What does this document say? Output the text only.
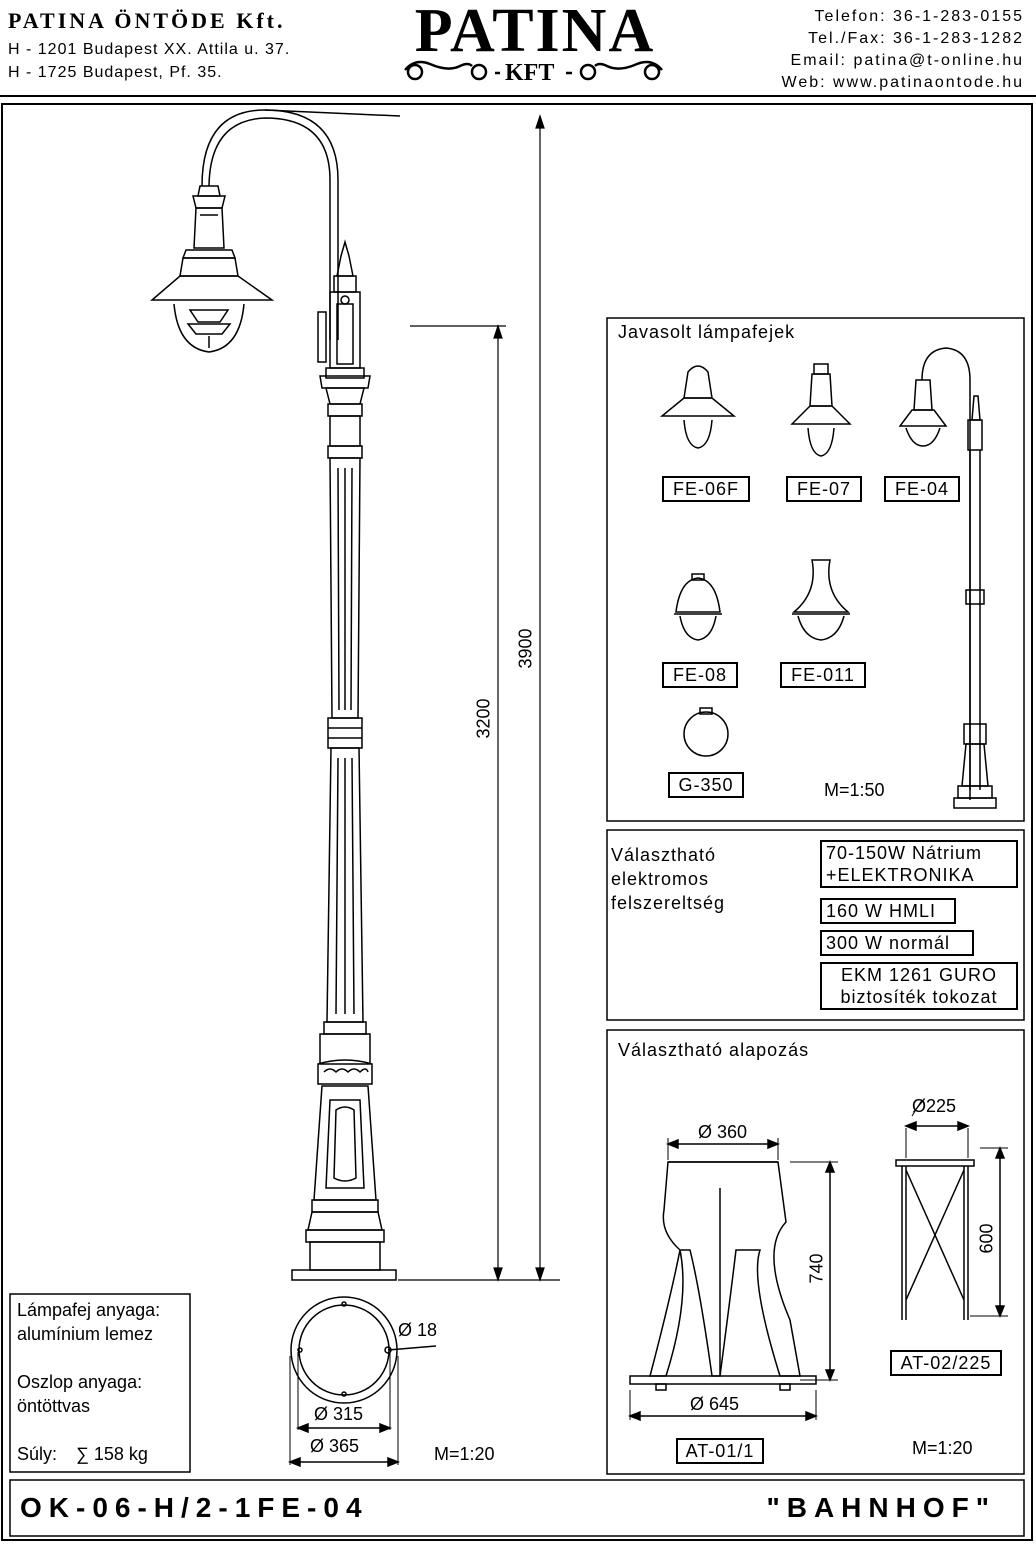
PATINA ÖNTÖDE Kft.
H - 1201 Budapest XX. Attila u. 37.
H - 1725 Budapest, Pf. 35.
PATINA
KFT
Telefon: 36-1-283-0155
Tel./Fax: 36-1-283-1282
Email: patina@t-online.hu
Web: www.patinaontode.hu
3900
3200
Ø 18
Ø 315
Ø 365	M=1:20
Lámpafej anyaga:
alumínium lemez
Oszlop anyaga:
öntöttvas
Súly: ∑ 158 kg
Javasolt lámpafejek
FE-06F	FE-07	FE-04
FE-08	FE-011
G-350	M=1:50
Választható
elektromos
felszereltség
70-150W Nátrium
+ELEKTRONIKA
160 W HMLI
300 W normál
EKM 1261 GURO
biztosíték tokozat
Választható alapozás
Ø 360
740
Ø 645
AT-01/1
Ø225
600
AT-02/225
M=1:20
OK-06-H/2-1FE-04	"BAHNHOF"
